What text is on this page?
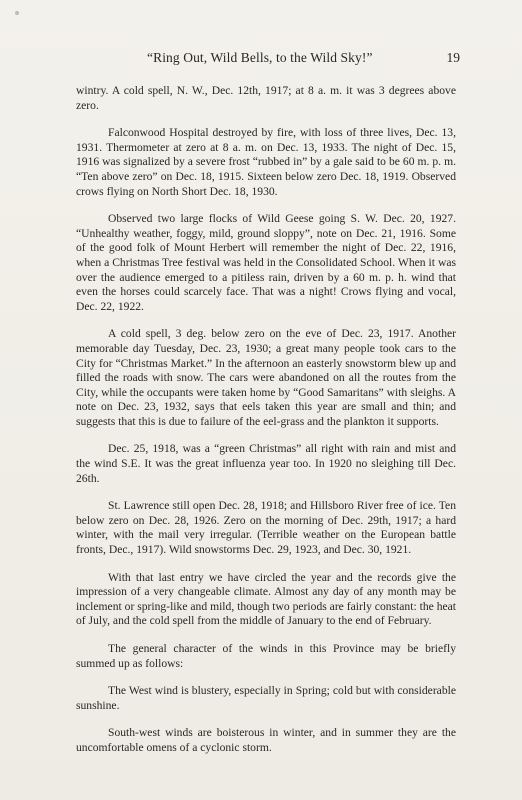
“Ring Out, Wild Bells, to the Wild Sky!”	19

wintry. A cold spell, N. W., Dec. 12th, 1917; at 8 a. m. it was 3 degrees above zero.

Falconwood Hospital destroyed by fire, with loss of three lives, Dec. 13, 1931. Thermometer at zero at 8 a. m. on Dec. 13, 1933. The night of Dec. 15, 1916 was signalized by a severe frost “rubbed in” by a gale said to be 60 m. p. m. “Ten above zero” on Dec. 18, 1915. Sixteen below zero Dec. 18, 1919. Observed crows flying on North Short Dec. 18, 1930.

Observed two large flocks of Wild Geese going S. W. Dec. 20, 1927. “Unhealthy weather, foggy, mild, ground sloppy”, note on Dec. 21, 1916. Some of the good folk of Mount Herbert will remember the night of Dec. 22, 1916, when a Christmas Tree festival was held in the Consolidated School. When it was over the audience emerged to a pitiless rain, driven by a 60 m. p. h. wind that even the horses could scarcely face. That was a night! Crows flying and vocal, Dec. 22, 1922.

A cold spell, 3 deg. below zero on the eve of Dec. 23, 1917. Another memorable day Tuesday, Dec. 23, 1930; a great many people took cars to the City for “Christmas Market.” In the afternoon an easterly snowstorm blew up and filled the roads with snow. The cars were abandoned on all the routes from the City, while the occupants were taken home by “Good Samaritans” with sleighs. A note on Dec. 23, 1932, says that eels taken this year are small and thin; and suggests that this is due to failure of the eel-grass and the plankton it supports.

Dec. 25, 1918, was a “green Christmas” all right with rain and mist and the wind S.E. It was the great influenza year too. In 1920 no sleighing till Dec. 26th.

St. Lawrence still open Dec. 28, 1918; and Hillsboro River free of ice. Ten below zero on Dec. 28, 1926. Zero on the morning of Dec. 29th, 1917; a hard winter, with the mail very irregular. (Terrible weather on the European battle fronts, Dec., 1917). Wild snowstorms Dec. 29, 1923, and Dec. 30, 1921.

With that last entry we have circled the year and the records give the impression of a very changeable climate. Almost any day of any month may be inclement or spring-like and mild, though two periods are fairly constant: the heat of July, and the cold spell from the middle of January to the end of February.

The general character of the winds in this Province may be briefly summed up as follows:

The West wind is blustery, especially in Spring; cold but with considerable sunshine.

South-west winds are boisterous in winter, and in summer they are the uncomfortable omens of a cyclonic storm.
